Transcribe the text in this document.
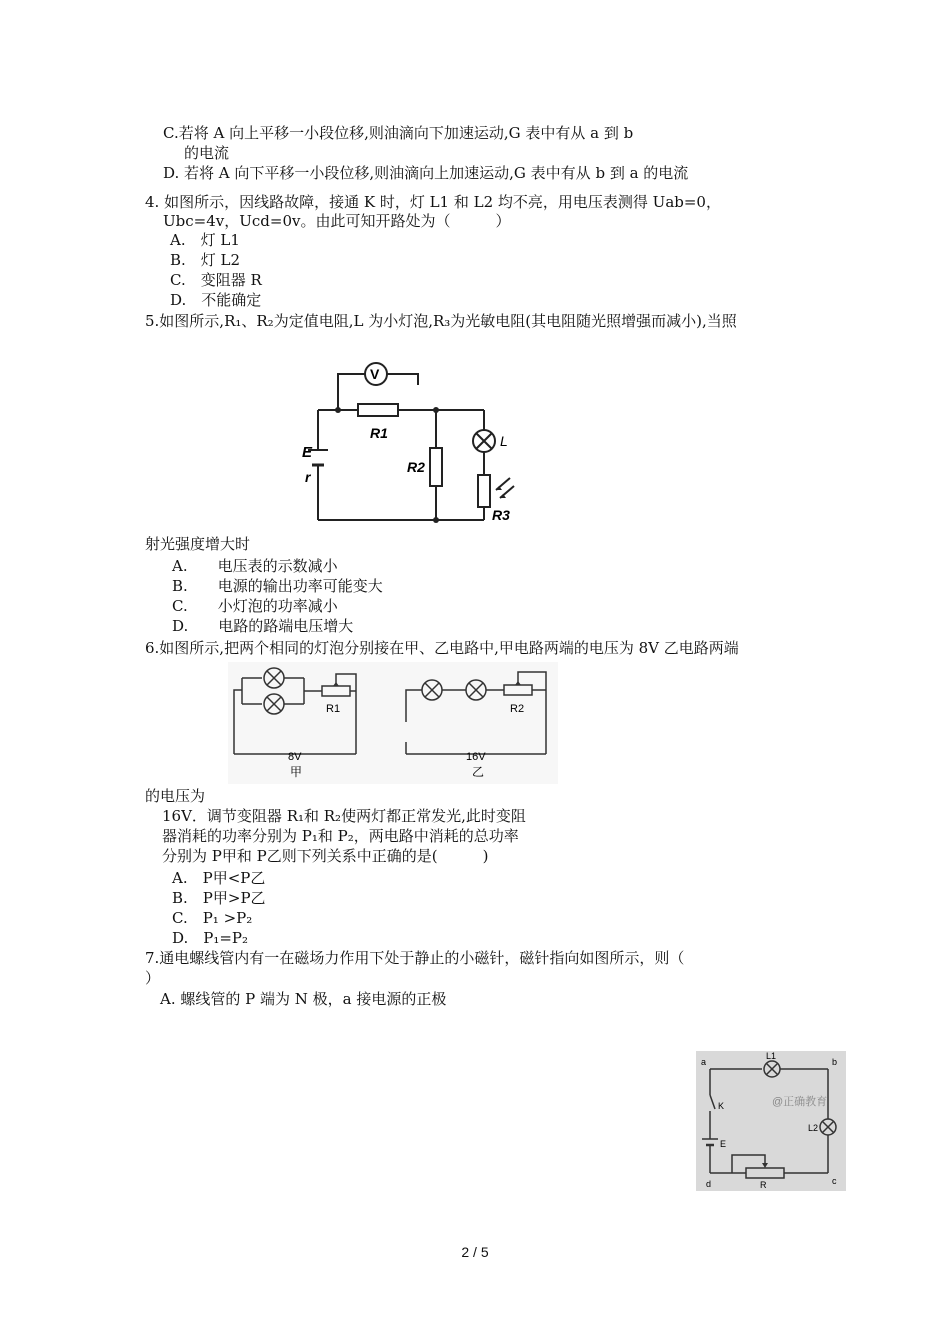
C.若将 A 向上平移一小段位移,则油滴向下加速运动,G 表中有从 a 到 b
的电流
D. 若将 A 向下平移一小段位移,则油滴向上加速运动,G 表中有从 b 到 a 的电流
4. 如图所示，因线路故障，接通 K 时，灯 L1 和 L2 均不亮，用电压表测得 Uab=0，
Ubc=4v，Ucd=0v。由此可知开路处为（　　　）
A.　灯 L1
B.　灯 L2
C.　变阻器 R
D.　不能确定
5.如图所示,R₁、R₂为定值电阻,L 为小灯泡,R₃为光敏电阻(其电阻随光照增强而减小),当照
射光强度增大时
A.　　电压表的示数减小
B.　　电源的输出功率可能变大
C.　　小灯泡的功率减小
D.　　电路的路端电压增大
6.如图所示,把两个相同的灯泡分别接在甲、乙电路中,甲电路两端的电压为 8V 乙电路两端
的电压为
16V．调节变阻器 R₁和 R₂使两灯都正常发光,此时变阻
器消耗的功率分别为 P₁和 P₂，两电路中消耗的总功率
分别为 P甲和 P乙则下列关系中正确的是(　　　)
A.　P甲<P乙
B.　P甲>P乙
C.　P₁ >P₂
D.　P₁=P₂
7.通电螺线管内有一在磁场力作用下处于静止的小磁针，磁针指向如图所示，则（
）
A. 螺线管的 P 端为 N 极，a 接电源的正极
V
E
r
R1
R2
L
R3
R1	R2
8V
甲
16V
乙
a	b
c
d
L1
L2
K
E
R
@正确教育
2 / 5
